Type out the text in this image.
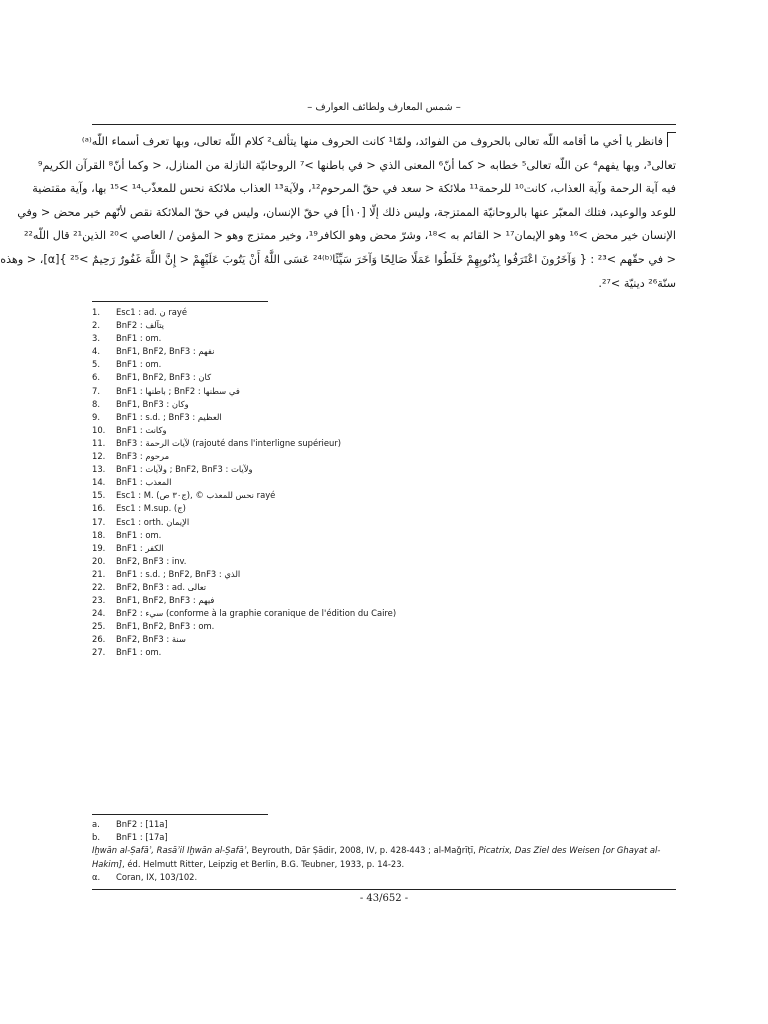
– شمس المعارف ولطائف العوارف –
فانظر يا أخي ما أقامه اللّه تعالى بالحروف من الفوائد، ولمّا¹ كانت الحروف منها يتألف² كلام اللّه تعالى، وبها تعرف أسماء اللّه⁽ᵃ⁾
تعالى³، وبها يفهم⁴ عن اللّه تعالى⁵ خطابه < كما أنّ⁶ المعنى الذي < في باطنها >⁷ الروحانيّة النازلة من المنازل، < وكما أنّ⁸ القرآن الكريم⁹
فيه آية الرحمة وآية العذاب، كانت¹⁰ للرحمة¹¹ ملائكة < سعد في حقّ المرحوم¹²، ولآية¹³ العذاب ملائكة نحس للمعذّب¹⁴ >¹⁵ بها، وآية مقتضية
للوعد والوعيد، فتلك المعبّر عنها بالروحانيّة الممتزجة، وليس ذلك إلّا [١٠أ] في حقّ الإنسان، وليس في حقّ الملائكة نقص لأنّهم خير محض < وفي
الإنسان خير محض >¹⁶ وهو الإيمان¹⁷ < القائم به >¹⁸، وشرّ محض وهو الكافر¹⁹، وخير ممتزج وهو < المؤمن / العاصي >²⁰ الذين²¹ قال اللّه²²
< في حقّهم >²³ : { وَآخَرُونَ اعْتَرَفُوا بِذُنُوبِهِمْ خَلَطُوا عَمَلًا صَالِحًا وَآخَرَ سَيِّئًا⁽ᵇ⁾²⁴ عَسَى اللَّهُ أَنْ يَتُوبَ عَلَيْهِمْ < إِنَّ اللَّهَ غَفُورٌ رَحِيمٌ >²⁵ }[α]، < وهذه
سنّة²⁶ دينيّة >²⁷.
1.	Esc1 : ad. ن rayé
2.	BnF2 : يتآلف
3.	BnF1 : om.
4.	BnF1, BnF2, BnF3 : نفهم
5.	BnF1 : om.
6.	BnF1, BnF2, BnF3 : كان
7.	BnF1 : باطنها ; BnF2 : في سطنها
8.	BnF1, BnF3 : وكان
9.	BnF1 : s.d. ; BnF3 : العظيم
10.	BnF1 : وكانت
11.	BnF3 : لآيات الرحمة (rajouté dans l'interligne supérieur)
12.	BnF3 : مرحوم
13.	BnF1 : ولآيات ; BnF2, BnF3 : ولآيات
14.	BnF1 : المعذب
15.	Esc1 : M. (ج٣٠ ص), © نحس للمعذب rayé
16.	Esc1 : M.sup. (ج)
17.	Esc1 : orth. الإيمان
18.	BnF1 : om.
19.	BnF1 : الكفر
20.	BnF2, BnF3 : inv.
21.	BnF1 : s.d. ; BnF2, BnF3 : الذي
22.	BnF2, BnF3 : ad. تعالى
23.	BnF1, BnF2, BnF3 : فيهم
24.	BnF2 : سيء (conforme à la graphie coranique de l'édition du Caire)
25.	BnF1, BnF2, BnF3 : om.
26.	BnF2, BnF3 : سنة
27.	BnF1 : om.
a.	BnF2 : [11a]
b.	BnF1 : [17a]
Iḫwān al-Ṣafāʾ, Rasāʾil Iḫwān al-Ṣafāʾ, Beyrouth, Dār Ṣādir, 2008, IV, p. 428-443 ; al-Maǧrīṭī, Picatrix, Das Ziel des Weisen [or Ghayat al-Hakim], éd. Helmutt Ritter, Leipzig et Berlin, B.G. Teubner, 1933, p. 14-23.
α.	Coran, IX, 103/102.
- 43/652 -
